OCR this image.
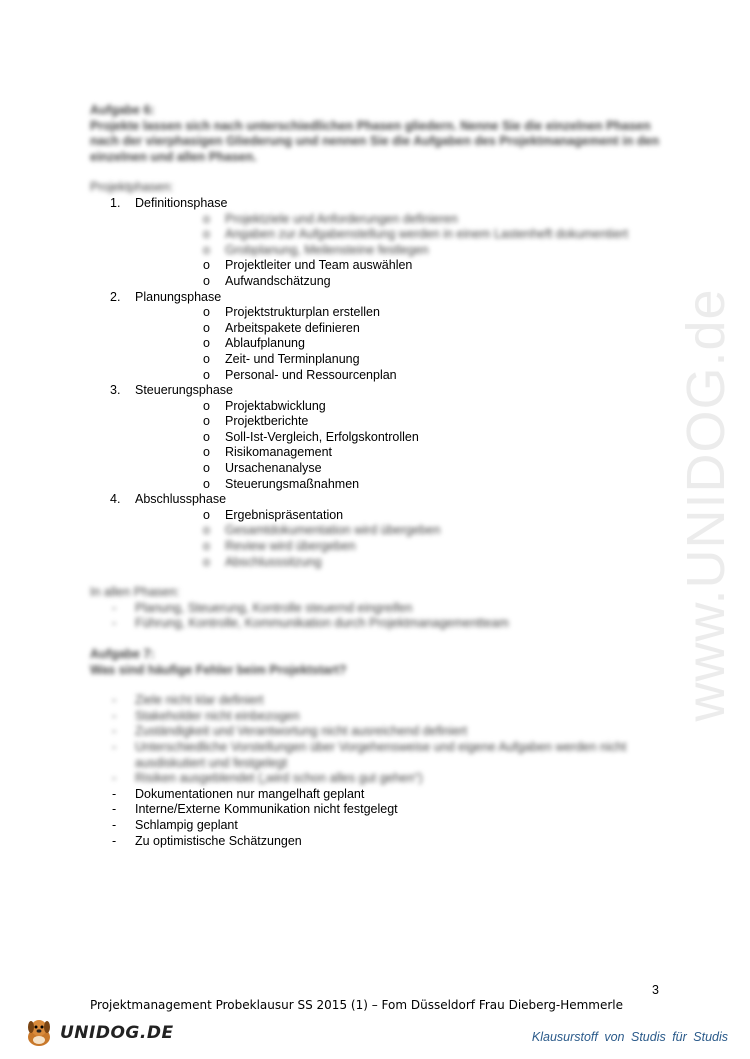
www.UNIDOG.de
Aufgabe 6:
Projekte lassen sich nach unterschiedlichen Phasen gliedern. Nenne Sie die einzelnen Phasen nach der vierphasigen Gliederung und nennen Sie die Aufgaben des Projektmanagement in den einzelnen und allen Phasen.
Projektphasen:
1. Definitionsphase
o Projektziele und Anforderungen definieren
o Angaben zur Aufgabenstellung werden in einem Lastenheft dokumentiert
o Grobplanung, Meilensteine festlegen
o Projektleiter und Team auswählen
o Aufwandschätzung
2. Planungsphase
o Projektstrukturplan erstellen
o Arbeitspakete definieren
o Ablaufplanung
o Zeit- und Terminplanung
o Personal- und Ressourcenplan
3. Steuerungsphase
o Projektabwicklung
o Projektberichte
o Soll-Ist-Vergleich, Erfolgskontrollen
o Risikomanagement
o Ursachenanalyse
o Steuerungsmaßnahmen
4. Abschlussphase
o Ergebnispräsentation
o Gesamtdokumentation wird übergeben
o Review wird übergeben
o Abschlusssitzung
In allen Phasen:
- Planung, Steuerung, Kontrolle steuernd eingreifen
- Führung, Kontrolle, Kommunikation durch Projektmanagementteam
Aufgabe 7:
Was sind häufige Fehler beim Projektstart?
- Ziele nicht klar definiert
- Stakeholder nicht einbezogen
- Zuständigkeit und Verantwortung nicht ausreichend definiert
- Unterschiedliche Vorstellungen über Vorgehensweise und eigene Aufgaben werden nicht ausdiskutiert und festgelegt
- Risiken ausgeblendet („wird schon alles gut gehen“)
- Dokumentationen nur mangelhaft geplant
- Interne/Externe Kommunikation nicht festgelegt
- Schlampig geplant
- Zu optimistische Schätzungen
3
Projektmanagement Probeklausur SS 2015 (1) – Fom Düsseldorf Frau Dieberg-Hemmerle
UNIDOG.DE	Klausurstoff von Studis für Studis
